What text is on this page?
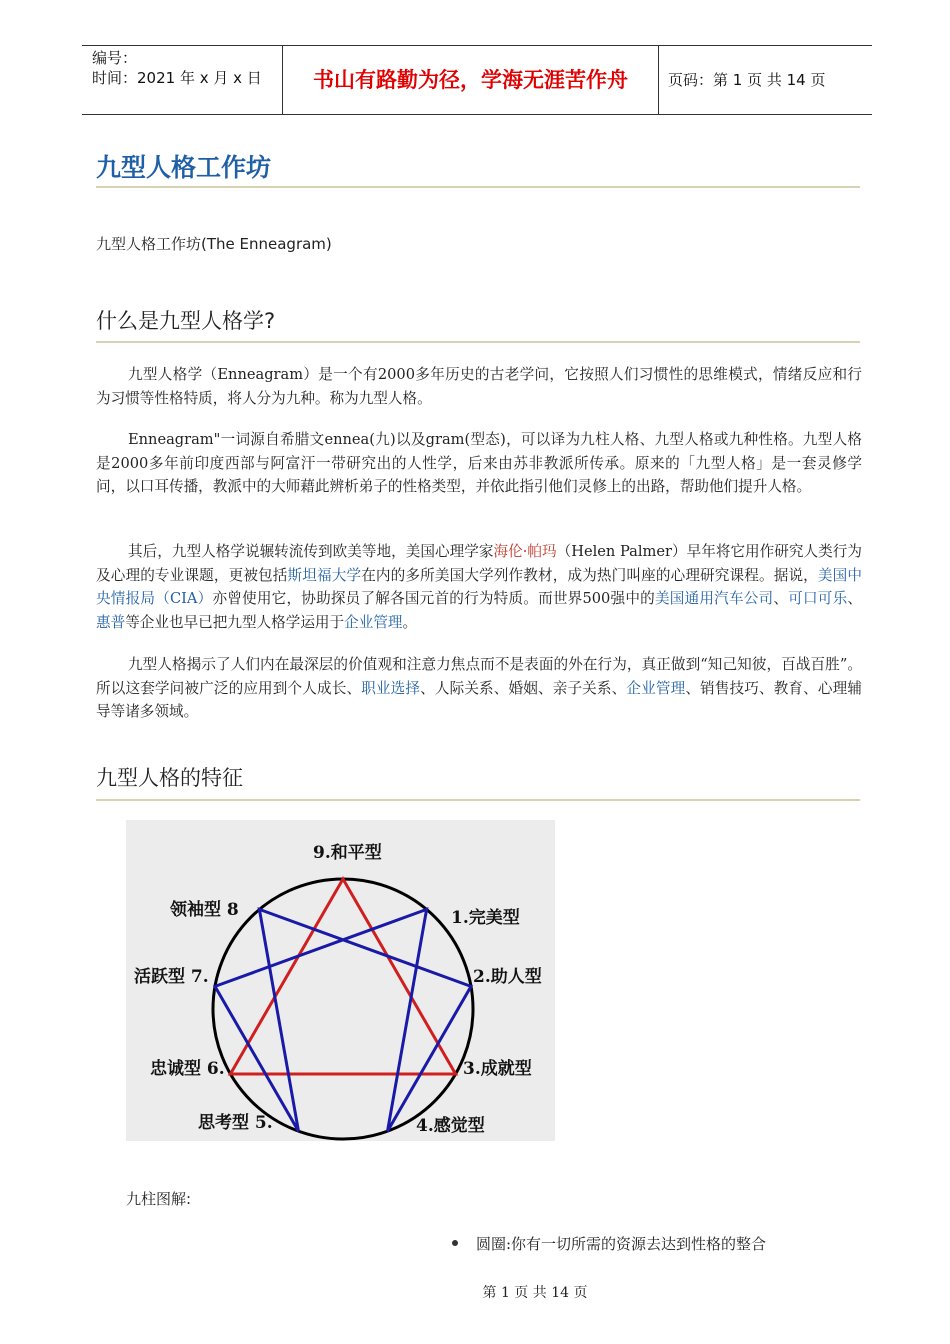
编号：
时间：2021 年 x 月 x 日	书山有路勤为径，学海无涯苦作舟	页码：第 1 页 共 14 页
九型人格工作坊
九型人格工作坊(The Enneagram)
什么是九型人格学?
九型人格学（Enneagram）是一个有2000多年历史的古老学问，它按照人们习惯性的思维模式，情绪反应和行为习惯等性格特质，将人分为九种。称为九型人格。
Enneagram"一词源自希腊文ennea(九)以及gram(型态)，可以译为九柱人格、九型人格或九种性格。九型人格是2000多年前印度西部与阿富汗一带研究出的人性学，后来由苏非教派所传承。原来的「九型人格」是一套灵修学问，以口耳传播，教派中的大师藉此辨析弟子的性格类型，并依此指引他们灵修上的出路，帮助他们提升人格。
其后，九型人格学说辗转流传到欧美等地，美国心理学家海伦·帕玛（Helen Palmer）早年将它用作研究人类行为及心理的专业课题，更被包括斯坦福大学在内的多所美国大学列作教材，成为热门叫座的心理研究课程。据说，美国中央情报局（CIA）亦曾使用它，协助探员了解各国元首的行为特质。而世界500强中的美国通用汽车公司、可口可乐、惠普等企业也早已把九型人格学运用于企业管理。
九型人格揭示了人们内在最深层的价值观和注意力焦点而不是表面的外在行为，真正做到“知己知彼，百战百胜”。所以这套学问被广泛的应用到个人成长、职业选择、人际关系、婚姻、亲子关系、企业管理、销售技巧、教育、心理辅导等诸多领域。
九型人格的特征
9.和平型
1.完美型
2.助人型
3.成就型
4.感觉型
思考型 5.
忠诚型 6.
活跃型 7.
领袖型 8
九柱图解:
圆圈:你有一切所需的资源去达到性格的整合
第 1 页 共 14 页
